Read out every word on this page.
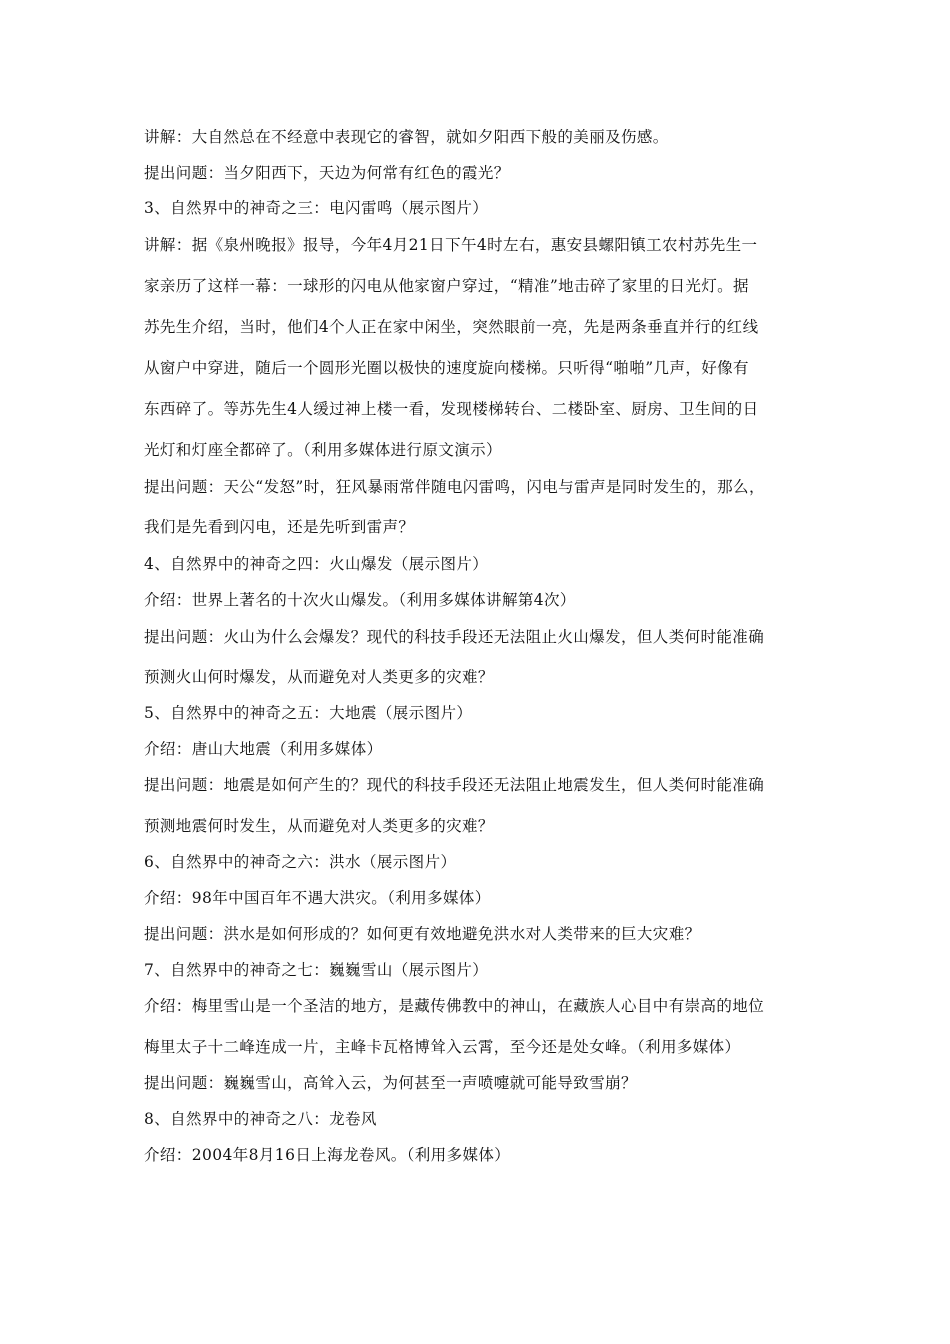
讲解：大自然总在不经意中表现它的睿智，就如夕阳西下般的美丽及伤感。
提出问题：当夕阳西下，天边为何常有红色的霞光？
3、自然界中的神奇之三：电闪雷鸣（展示图片）
讲解：据《泉州晚报》报导，今年4月21日下午4时左右，惠安县螺阳镇工农村苏先生一
家亲历了这样一幕：一球形的闪电从他家窗户穿过，“精准”地击碎了家里的日光灯。据
苏先生介绍，当时，他们4个人正在家中闲坐，突然眼前一亮，先是两条垂直并行的红线
从窗户中穿进，随后一个圆形光圈以极快的速度旋向楼梯。只听得“啪啪”几声，好像有
东西碎了。等苏先生4人缓过神上楼一看，发现楼梯转台、二楼卧室、厨房、卫生间的日
光灯和灯座全都碎了。（利用多媒体进行原文演示）
提出问题：天公“发怒”时，狂风暴雨常伴随电闪雷鸣，闪电与雷声是同时发生的，那么，
我们是先看到闪电，还是先听到雷声？
4、自然界中的神奇之四：火山爆发（展示图片）
介绍：世界上著名的十次火山爆发。（利用多媒体讲解第4次）
提出问题：火山为什么会爆发？现代的科技手段还无法阻止火山爆发，但人类何时能准确
预测火山何时爆发，从而避免对人类更多的灾难？
5、自然界中的神奇之五：大地震（展示图片）
介绍：唐山大地震（利用多媒体）
提出问题：地震是如何产生的？现代的科技手段还无法阻止地震发生，但人类何时能准确
预测地震何时发生，从而避免对人类更多的灾难？
6、自然界中的神奇之六：洪水（展示图片）
介绍：98年中国百年不遇大洪灾。（利用多媒体）
提出问题：洪水是如何形成的？如何更有效地避免洪水对人类带来的巨大灾难？
7、自然界中的神奇之七：巍巍雪山（展示图片）
介绍：梅里雪山是一个圣洁的地方，是藏传佛教中的神山，在藏族人心目中有崇高的地位
梅里太子十二峰连成一片，主峰卡瓦格博耸入云霄，至今还是处女峰。（利用多媒体）
提出问题：巍巍雪山，高耸入云，为何甚至一声喷嚏就可能导致雪崩？
8、自然界中的神奇之八：龙卷风
介绍：2004年8月16日上海龙卷风。（利用多媒体）
